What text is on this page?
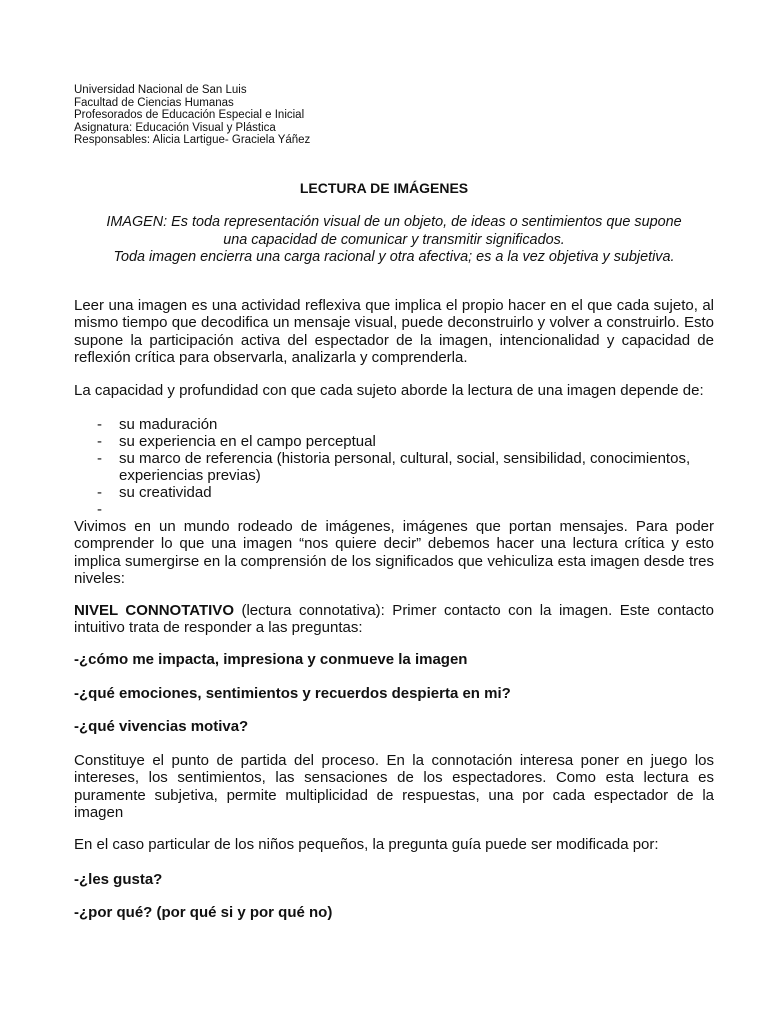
Universidad Nacional de San Luis
Facultad de Ciencias Humanas
Profesorados de Educación Especial e Inicial
Asignatura: Educación Visual y Plástica
Responsables: Alicia Lartigue- Graciela Yáñez
LECTURA DE IMÁGENES
IMAGEN: Es toda representación visual de un objeto, de ideas o sentimientos que supone
una capacidad de comunicar y transmitir significados.
Toda imagen encierra una carga racional y otra afectiva; es a la vez objetiva y subjetiva.
Leer una imagen es una actividad reflexiva que implica el propio hacer en el que cada sujeto, al mismo tiempo que decodifica un mensaje visual, puede deconstruirlo y volver a construirlo. Esto supone la participación activa del espectador de la imagen, intencionalidad y capacidad de reflexión crítica para observarla, analizarla y comprenderla.
La capacidad y profundidad con que cada sujeto aborde la lectura de una imagen depende de:
- su maduración
- su experiencia en el campo perceptual
- su marco de referencia (historia personal, cultural, social, sensibilidad, conocimientos, experiencias previas)
- su creatividad
-
Vivimos en un mundo rodeado de imágenes, imágenes que portan mensajes. Para poder comprender lo que una imagen “nos quiere decir” debemos hacer una lectura crítica y esto implica sumergirse en la comprensión de los significados que vehiculiza esta imagen desde tres niveles:
NIVEL CONNOTATIVO (lectura connotativa): Primer contacto con la imagen. Este contacto intuitivo trata de responder a las preguntas:
-¿cómo me impacta, impresiona y conmueve la imagen
-¿qué emociones, sentimientos y recuerdos despierta en mi?
-¿qué vivencias motiva?
Constituye el punto de partida del proceso. En la connotación interesa poner en juego los intereses, los sentimientos, las sensaciones de los espectadores. Como esta lectura es puramente subjetiva, permite multiplicidad de respuestas, una por cada espectador de la imagen
En el caso particular de los niños pequeños, la pregunta guía puede ser modificada por:
-¿les gusta?
-¿por qué? (por qué si y por qué no)
